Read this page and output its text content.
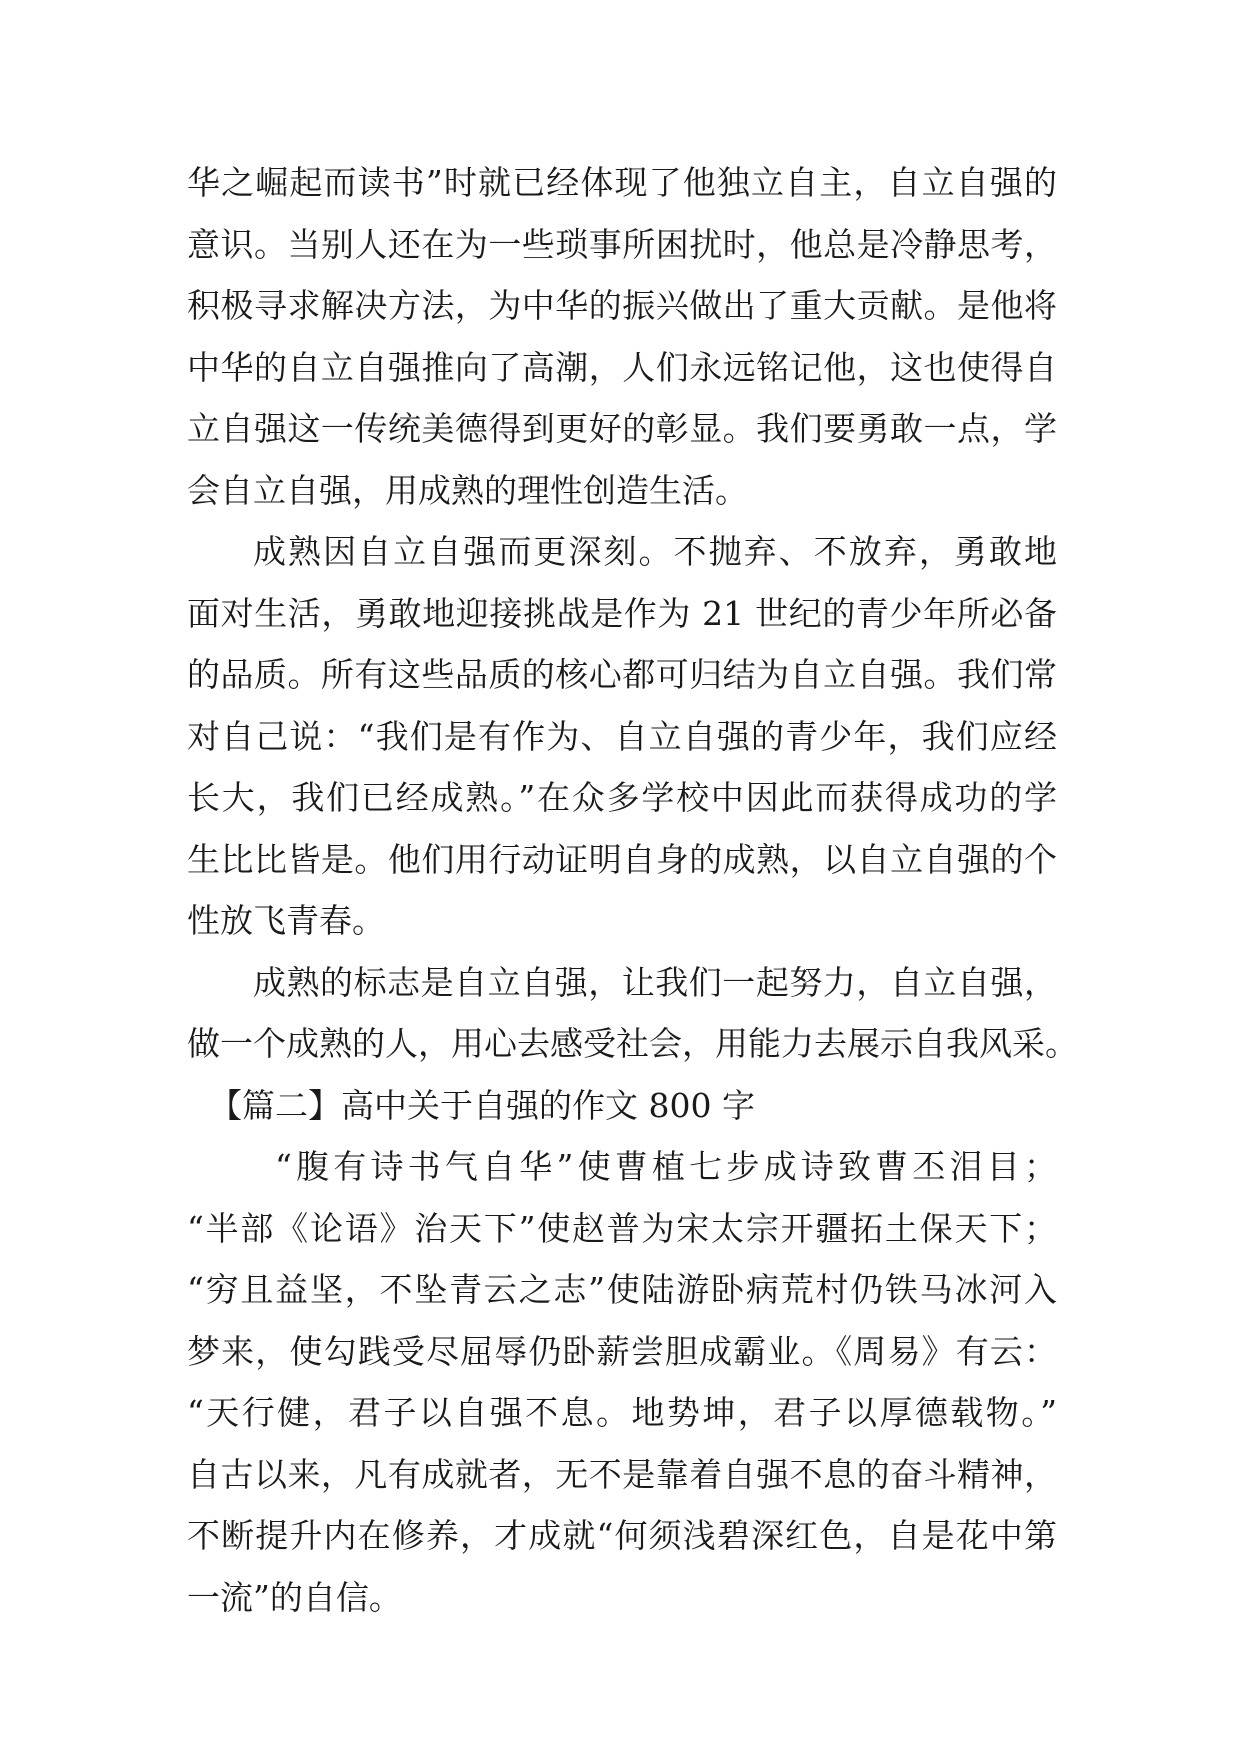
华之崛起而读书”时就已经体现了他独立自主，自立自强的
意识。当别人还在为一些琐事所困扰时，他总是冷静思考，
积极寻求解决方法，为中华的振兴做出了重大贡献。是他将
中华的自立自强推向了高潮，人们永远铭记他，这也使得自
立自强这一传统美德得到更好的彰显。我们要勇敢一点，学
会自立自强，用成熟的理性创造生活。
成熟因自立自强而更深刻。不抛弃、不放弃，勇敢地
面对生活，勇敢地迎接挑战是作为 21 世纪的青少年所必备
的品质。所有这些品质的核心都可归结为自立自强。我们常
对自己说：“我们是有作为、自立自强的青少年，我们应经
长大，我们已经成熟。”在众多学校中因此而获得成功的学
生比比皆是。他们用行动证明自身的成熟，以自立自强的个
性放飞青春。
成熟的标志是自立自强，让我们一起努力，自立自强，
做一个成熟的人，用心去感受社会，用能力去展示自我风采。
【篇二】高中关于自强的作文 800 字
“腹有诗书气自华”使曹植七步成诗致曹丕泪目；
“半部《论语》治天下”使赵普为宋太宗开疆拓土保天下；
“穷且益坚，不坠青云之志”使陆游卧病荒村仍铁马冰河入
梦来，使勾践受尽屈辱仍卧薪尝胆成霸业。《周易》有云：
“天行健，君子以自强不息。地势坤，君子以厚德载物。”
自古以来，凡有成就者，无不是靠着自强不息的奋斗精神，
不断提升内在修养，才成就“何须浅碧深红色，自是花中第
一流”的自信。
